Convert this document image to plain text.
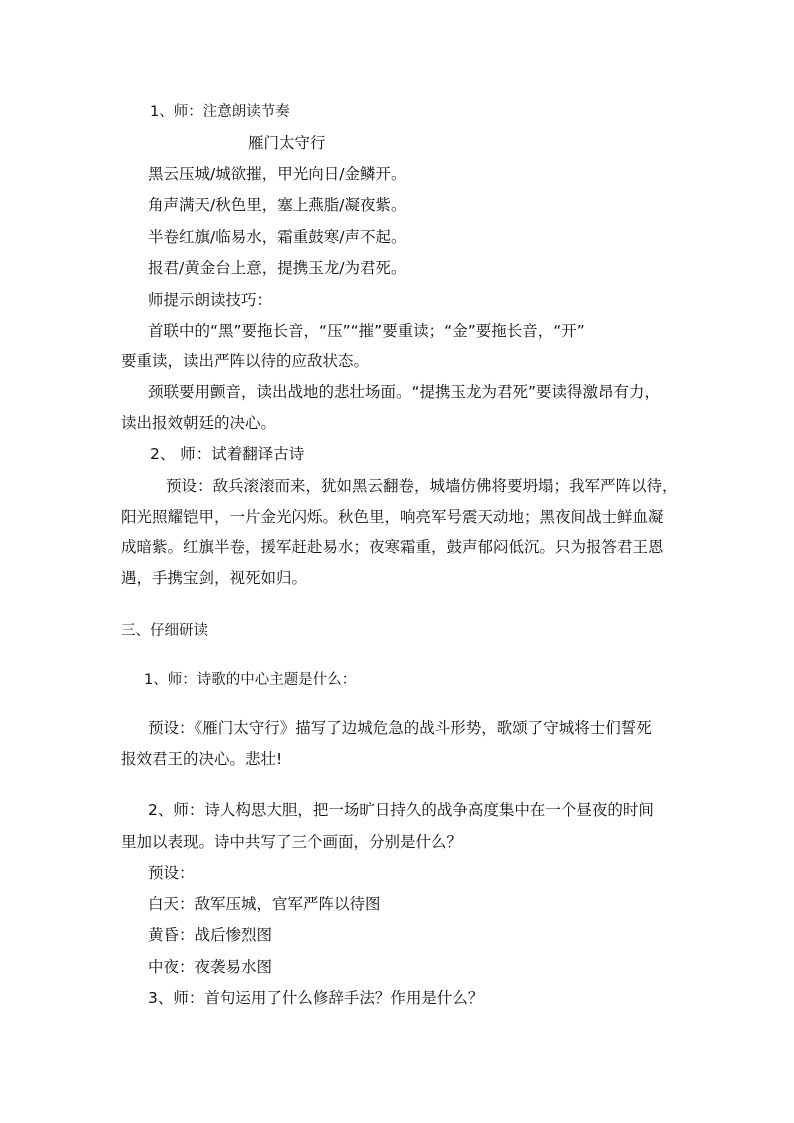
1、师：注意朗读节奏
雁门太守行
黑云压城/城欲摧，甲光向日/金鳞开。
角声满天/秋色里，塞上燕脂/凝夜紫。
半卷红旗/临易水，霜重鼓寒/声不起。
报君/黄金台上意，提携玉龙/为君死。
师提示朗读技巧：
首联中的“黑”要拖长音，“压”“摧”要重读；“金”要拖长音，“开”
要重读，读出严阵以待的应敌状态。
颈联要用颤音，读出战地的悲壮场面。“提携玉龙为君死”要读得激昂有力，
读出报效朝廷的决心。
2、 师：试着翻译古诗
预设：敌兵滚滚而来，犹如黑云翻卷，城墙仿佛将要坍塌；我军严阵以待，
阳光照耀铠甲，一片金光闪烁。秋色里，响亮军号震天动地；黑夜间战士鲜血凝
成暗紫。红旗半卷，援军赶赴易水；夜寒霜重，鼓声郁闷低沉。只为报答君王恩
遇，手携宝剑，视死如归。
三、仔细研读
1、师：诗歌的中心主题是什么：
预设：《雁门太守行》描写了边城危急的战斗形势，歌颂了守城将士们誓死
报效君王的决心。悲壮!
2、师：诗人构思大胆，把一场旷日持久的战争高度集中在一个昼夜的时间
里加以表现。诗中共写了三个画面，分别是什么？
预设：
白天：敌军压城，官军严阵以待图
黄昏：战后惨烈图
中夜：夜袭易水图
3、师：首句运用了什么修辞手法？作用是什么？
